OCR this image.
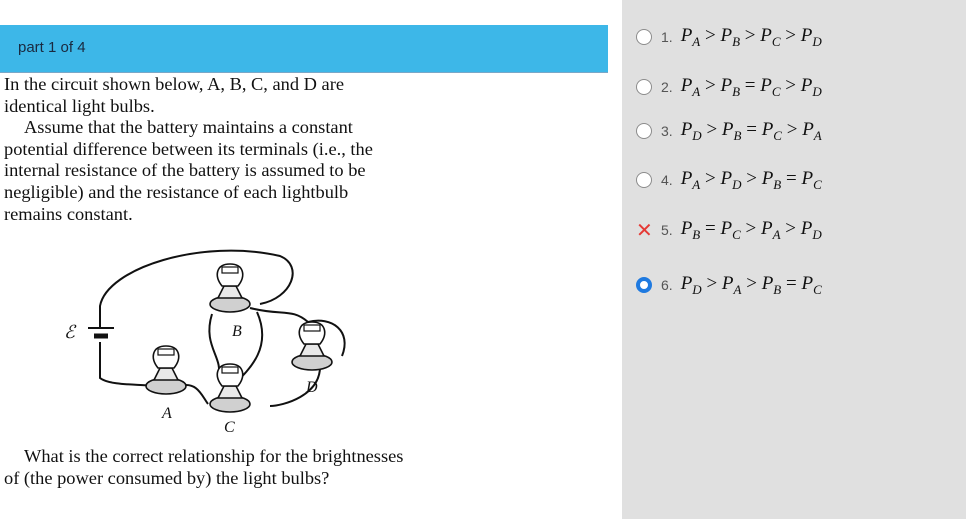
part 1 of 4

In the circuit shown below, A, B, C, and D are identical light bulbs.

Assume that the battery maintains a constant potential difference between its terminals (i.e., the internal resistance of the battery is assumed to be negligible) and the resistance of each lightbulb remains constant.

ℰ	B
A
C
D
What is the correct relationship for the brightnesses of (the power consumed by) the light bulbs?
1. $P_A > P_B > P_C > P_D$
2. $P_A > P_B = P_C > P_D$
3. $P_D > P_B = P_C > P_A$
4. $P_A > P_D > P_B = P_C$
✕ 5. $P_B = P_C > P_A > P_D$
6. $P_D > P_A > P_B = P_C$
